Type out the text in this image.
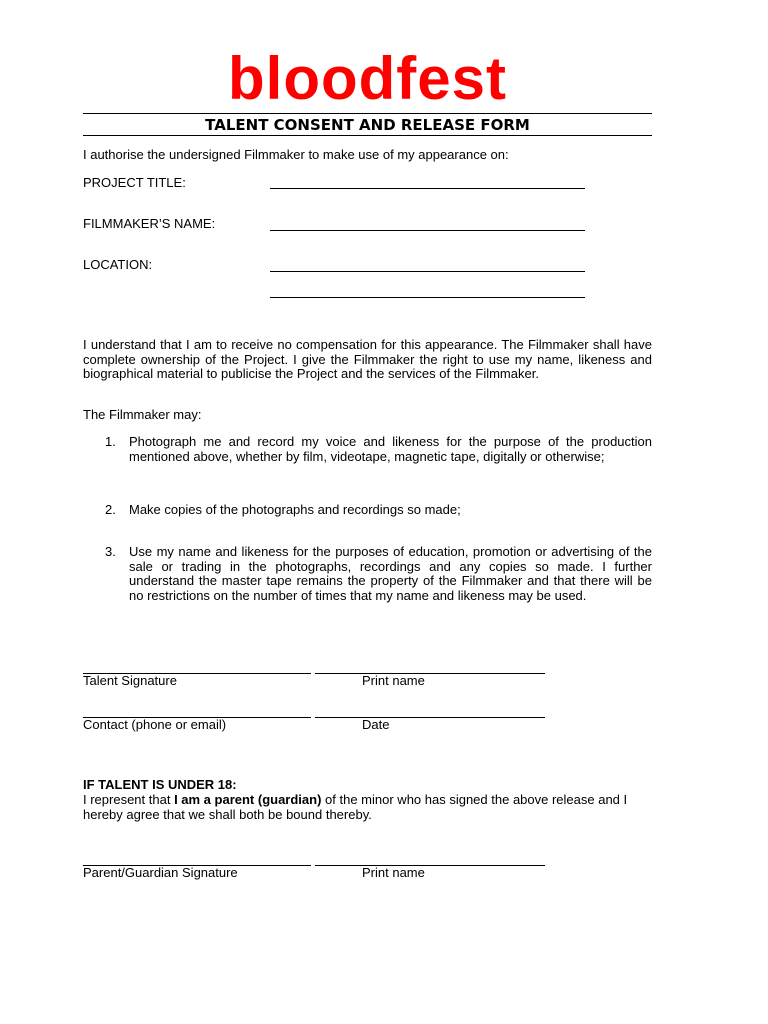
bloodfest
TALENT CONSENT AND RELEASE FORM
I authorise the undersigned Filmmaker to make use of my appearance on:
PROJECT TITLE:
FILMMAKER’S NAME:
LOCATION:
I understand that I am to receive no compensation for this appearance. The Filmmaker shall have complete ownership of the Project. I give the Filmmaker the right to use my name, likeness and biographical material to publicise the Project and the services of the Filmmaker.
The Filmmaker may:
1. Photograph me and record my voice and likeness for the purpose of the production mentioned above, whether by film, videotape, magnetic tape, digitally or otherwise;
2. Make copies of the photographs and recordings so made;
3. Use my name and likeness for the purposes of education, promotion or advertising of the sale or trading in the photographs, recordings and any copies so made. I further understand the master tape remains the property of the Filmmaker and that there will be no restrictions on the number of times that my name and likeness may be used.
Talent Signature	Print name
Contact (phone or email)	Date
IF TALENT IS UNDER 18:
I represent that I am a parent (guardian) of the minor who has signed the above release and I hereby agree that we shall both be bound thereby.
Parent/Guardian Signature	Print name
